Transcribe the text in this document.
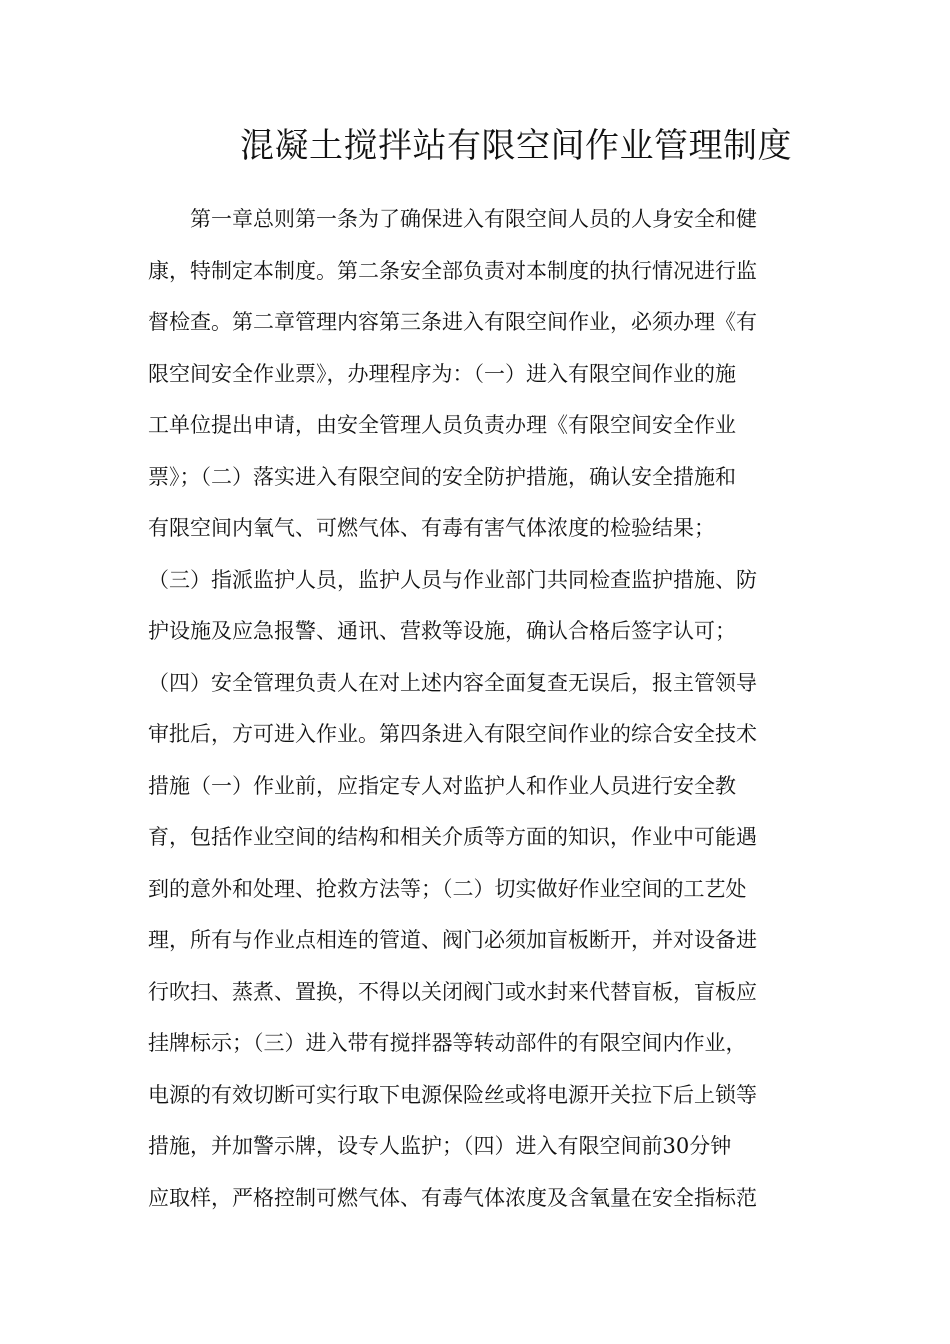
混凝土搅拌站有限空间作业管理制度
第一章总则第一条为了确保进入有限空间人员的人身安全和健
康，特制定本制度。第二条安全部负责对本制度的执行情况进行监
督检查。第二章管理内容第三条进入有限空间作业，必须办理《有
限空间安全作业票》，办理程序为：（一）进入有限空间作业的施
工单位提出申请，由安全管理人员负责办理《有限空间安全作业
票》；（二）落实进入有限空间的安全防护措施，确认安全措施和
有限空间内氧气、可燃气体、有毒有害气体浓度的检验结果；
（三）指派监护人员，监护人员与作业部门共同检查监护措施、防
护设施及应急报警、通讯、营救等设施，确认合格后签字认可；
（四）安全管理负责人在对上述内容全面复查无误后，报主管领导
审批后，方可进入作业。第四条进入有限空间作业的综合安全技术
措施（一）作业前，应指定专人对监护人和作业人员进行安全教
育，包括作业空间的结构和相关介质等方面的知识，作业中可能遇
到的意外和处理、抢救方法等；（二）切实做好作业空间的工艺处
理，所有与作业点相连的管道、阀门必须加盲板断开，并对设备进
行吹扫、蒸煮、置换，不得以关闭阀门或水封来代替盲板，盲板应
挂牌标示；（三）进入带有搅拌器等转动部件的有限空间内作业，
电源的有效切断可实行取下电源保险丝或将电源开关拉下后上锁等
措施，并加警示牌，设专人监护；（四）进入有限空间前30分钟
应取样，严格控制可燃气体、有毒气体浓度及含氧量在安全指标范
